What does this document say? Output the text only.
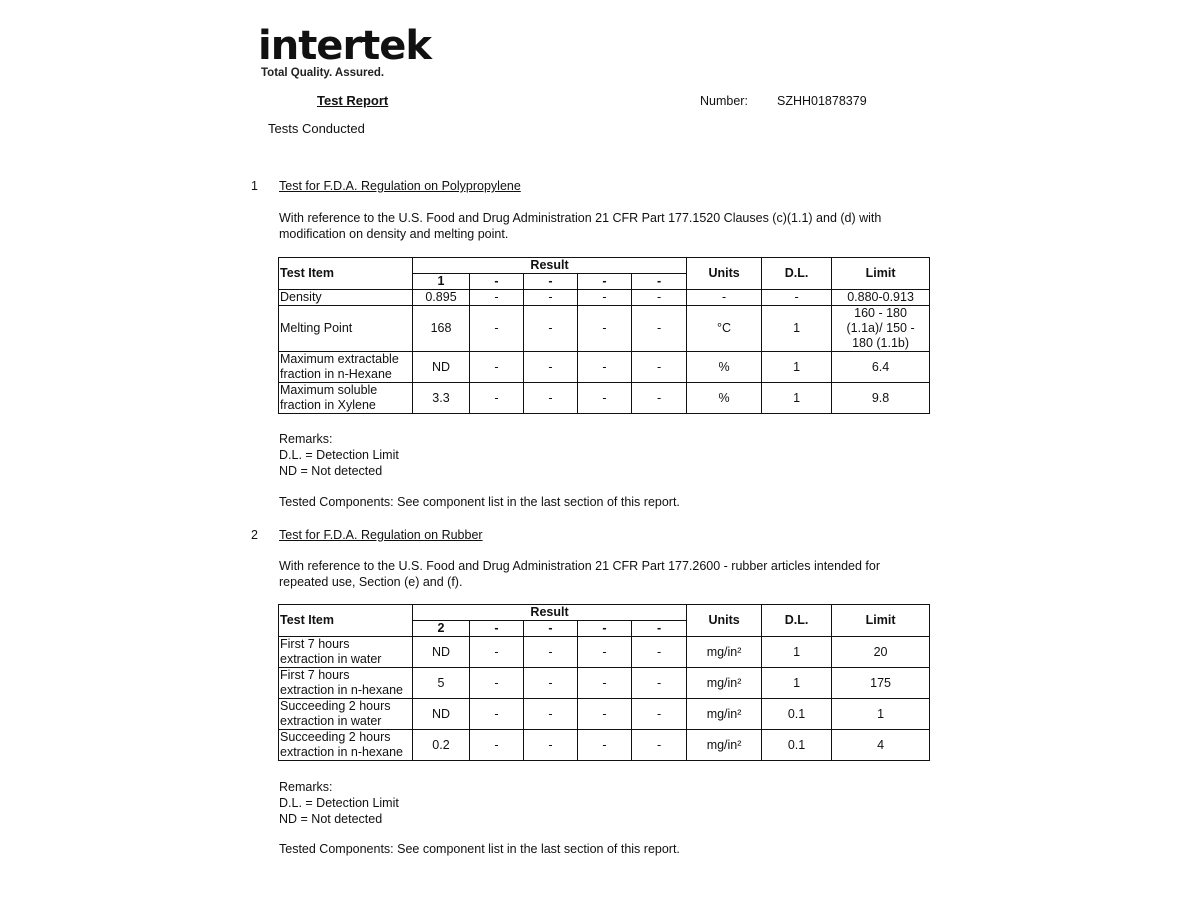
intertek
Total Quality. Assured.
Test Report	Number: SZHH01878379
Tests Conducted
1 Test for F.D.A. Regulation on Polypropylene
With reference to the U.S. Food and Drug Administration 21 CFR Part 177.1520 Clauses (c)(1.1) and (d) with
modification on density and melting point.
Test Item	Result					Units	D.L.	Limit
	1	-	-	-	-			
Density	0.895	-	-	-	-	-	-	0.880-0.913
Melting Point	168	-	-	-	-	°C	1	160 - 180
(1.1a)/ 150 -
180 (1.1b)

Maximum extractable
fraction in n-Hexane	ND	-	-	-	-	%	1	6.4

Maximum soluble
fraction in Xylene	3.3	-	-	-	-	%	1	9.8
Remarks:
D.L. = Detection Limit
ND = Not detected
Tested Components: See component list in the last section of this report.
2 Test for F.D.A. Regulation on Rubber
With reference to the U.S. Food and Drug Administration 21 CFR Part 177.2600 - rubber articles intended for
repeated use, Section (e) and (f).
Test Item	Result					Units	D.L.	Limit
	2	-	-	-	-			

First 7 hours
extraction in water	ND	-	-	-	-	mg/in²	1	20

First 7 hours
extraction in n-hexane	5	-	-	-	-	mg/in²	1	175

Succeeding 2 hours
extraction in water	ND	-	-	-	-	mg/in²	0.1	1

Succeeding 2 hours
extraction in n-hexane	0.2	-	-	-	-	mg/in²	0.1	4
Remarks:
D.L. = Detection Limit
ND = Not detected
Tested Components: See component list in the last section of this report.
